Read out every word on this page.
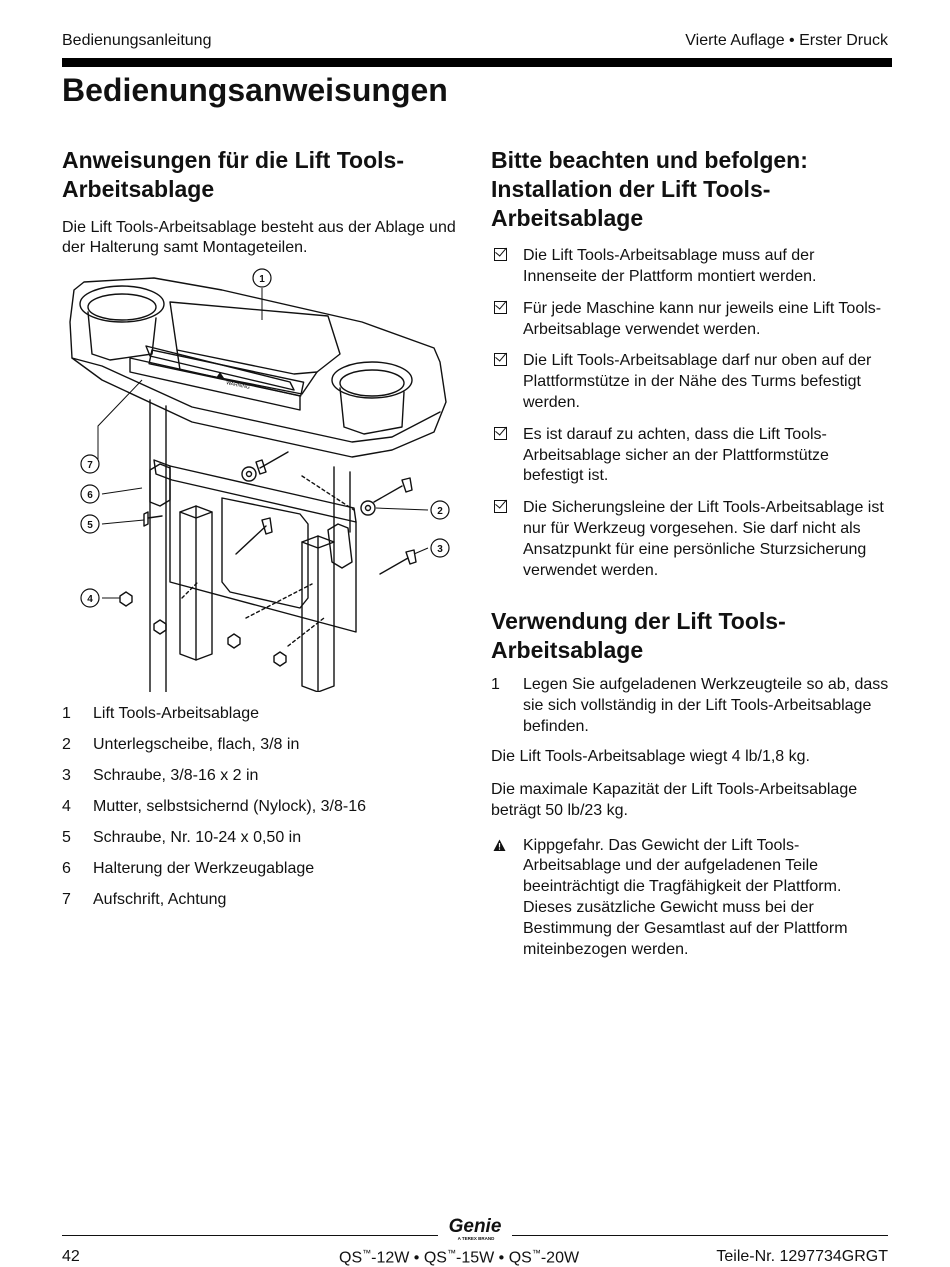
Bedienungsanleitung	Vierte Auflage • Erster Druck
Bedienungsanweisungen
Anweisungen für die Lift Tools-Arbeitsablage

Die Lift Tools-Arbeitsablage besteht aus der Ablage und der Halterung samt Montageteilen.

WARNING
1
2
3
4
5
6
7
1	Lift Tools-Arbeitsablage
2	Unterlegscheibe, flach, 3/8 in
3	Schraube, 3/8-16 x 2 in
4	Mutter, selbstsichernd (Nylock), 3/8-16
5	Schraube, Nr. 10-24 x 0,50 in
6	Halterung der Werkzeugablage
7	Aufschrift, Achtung
Bitte beachten und befolgen: Installation der Lift Tools-Arbeitsablage
Die Lift Tools-Arbeitsablage muss auf der Innenseite der Plattform montiert werden.
Für jede Maschine kann nur jeweils eine Lift Tools-Arbeitsablage verwendet werden.
Die Lift Tools-Arbeitsablage darf nur oben auf der Plattformstütze in der Nähe des Turms befestigt werden.
Es ist darauf zu achten, dass die Lift Tools-Arbeitsablage sicher an der Plattformstütze befestigt ist.
Die Sicherungsleine der Lift Tools-Arbeitsablage ist nur für Werkzeug vorgesehen. Sie darf nicht als Ansatzpunkt für eine persönliche Sturzsicherung verwendet werden.
Verwendung der Lift Tools-Arbeitsablage
1 Legen Sie aufgeladenen Werkzeugteile so ab, dass sie sich vollständig in der Lift Tools-Arbeitsablage befinden.

Die Lift Tools-Arbeitsablage wiegt 4 lb/1,8 kg.

Die maximale Kapazität der Lift Tools-Arbeitsablage beträgt 50 lb/23 kg.

Kippgefahr. Das Gewicht der Lift Tools-Arbeitsablage und der aufgeladenen Teile beeinträchtigt die Tragfähigkeit der Plattform. Dieses zusätzliche Gewicht muss bei der Bestimmung der Gesamtlast auf der Plattform miteinbezogen werden.
Genie
A TEREX BRAND
42	QS™-12W • QS™-15W • QS™-20W	Teile-Nr. 1297734GRGT
